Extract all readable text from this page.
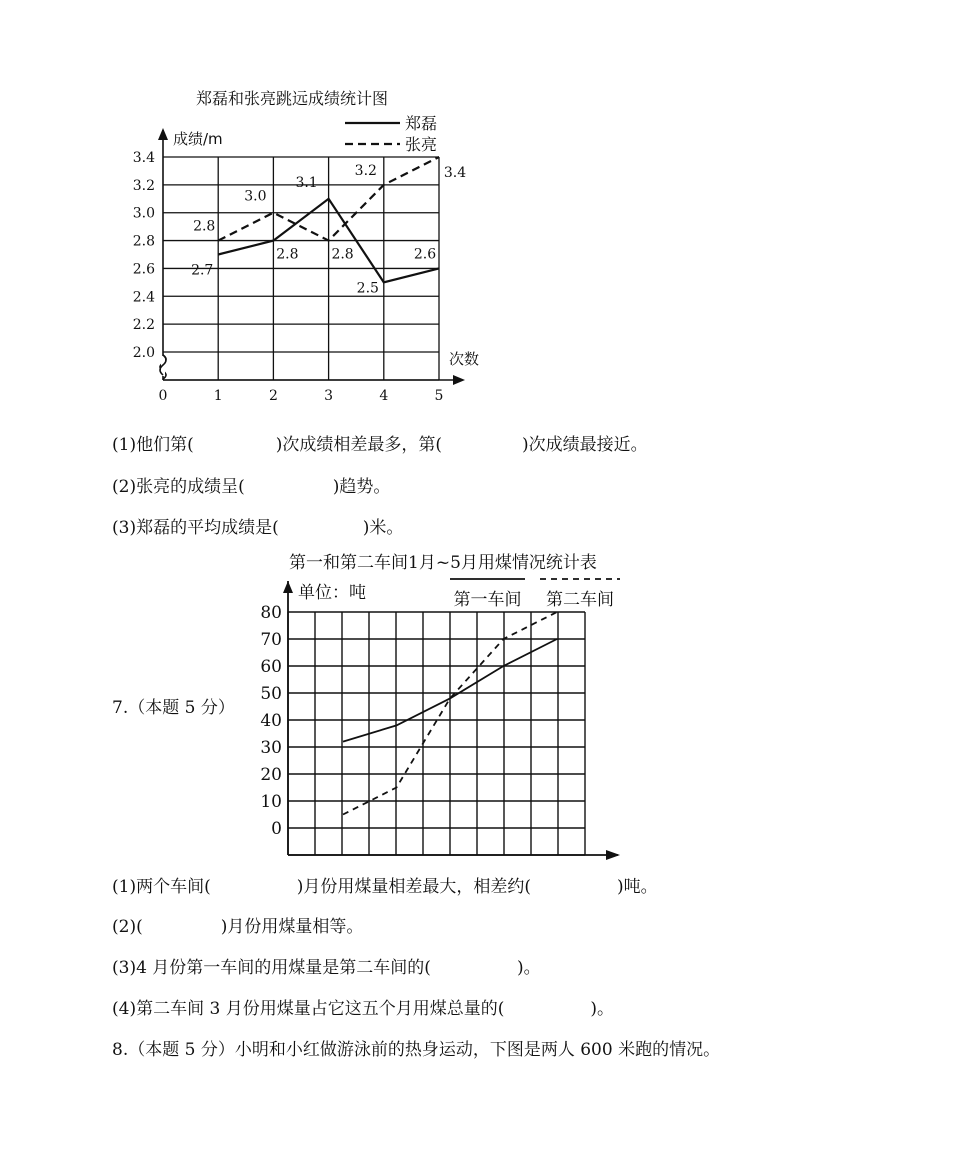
郑磊和张亮跳远成绩统计图
成绩/m
次数
2.0
2.2
2.4
2.6
2.8
3.0
3.2
3.4
0	1	2	3	4	5
2.7
2.8
3.1
2.5
2.6
2.8
3.0
2.8
3.2	3.4
郑磊
张亮
(1)他们第(	)次成绩相差最多，第(	)次成绩最接近。
(2)张亮的成绩呈(	)趋势。
(3)郑磊的平均成绩是(	)米。
7.（本题 5 分）
第一和第二车间1月~5月用煤情况统计表
单位：吨
0
10
20
30
40
50
60
70
80
第一车间 第二车间
(1)两个车间(	)月份用煤量相差最大，相差约(	)吨。
(2)(	)月份用煤量相等。
(3)4 月份第一车间的用煤量是第二车间的(	)。
(4)第二车间 3 月份用煤量占它这五个月用煤总量的(	)。
8.（本题 5 分）小明和小红做游泳前的热身运动，下图是两人 600 米跑的情况。
